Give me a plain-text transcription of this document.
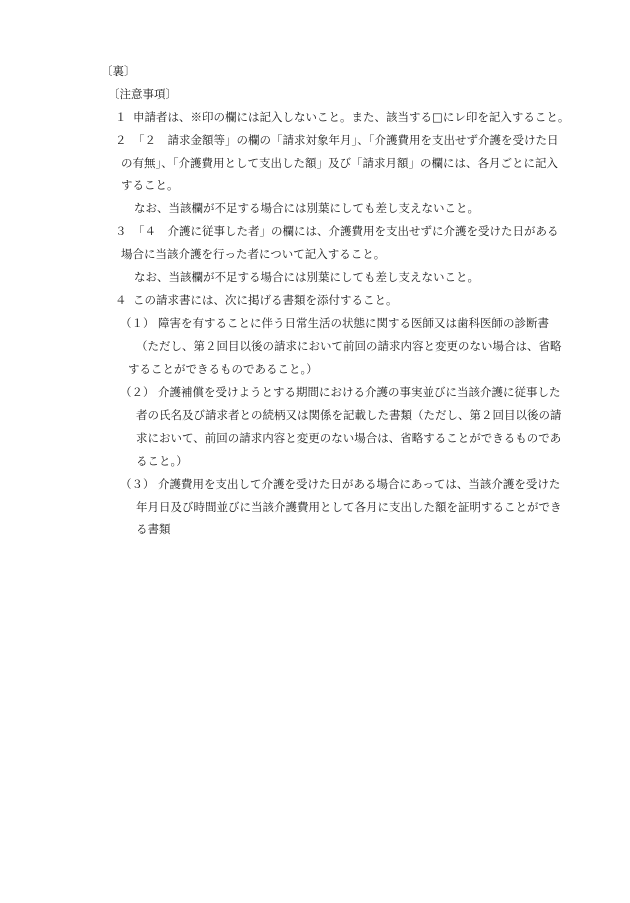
〔裏〕
〔注意事項〕
１ 申請者は、※印の欄には記入しないこと。また、該当する□にレ印を記入すること。
２ 「２　請求金額等」の欄の「請求対象年月」、「介護費用を支出せず介護を受けた日
の有無」、「介護費用として支出した額」及び「請求月額」の欄には、各月ごとに記入
すること。
なお、当該欄が不足する場合には別葉にしても差し支えないこと。
３ 「４　介護に従事した者」の欄には、介護費用を支出せずに介護を受けた日がある
場合に当該介護を行った者について記入すること。
なお、当該欄が不足する場合には別葉にしても差し支えないこと。
４ この請求書には、次に掲げる書類を添付すること。
（１） 障害を有することに伴う日常生活の状態に関する医師又は歯科医師の診断書
（ただし、第２回目以後の請求において前回の請求内容と変更のない場合は、省略
することができるものであること。）
（２） 介護補償を受けようとする期間における介護の事実並びに当該介護に従事した
者の氏名及び請求者との続柄又は関係を記載した書類（ただし、第２回目以後の請
求において、前回の請求内容と変更のない場合は、省略することができるものであ
ること。）
（３） 介護費用を支出して介護を受けた日がある場合にあっては、当該介護を受けた
年月日及び時間並びに当該介護費用として各月に支出した額を証明することができ
る書類
